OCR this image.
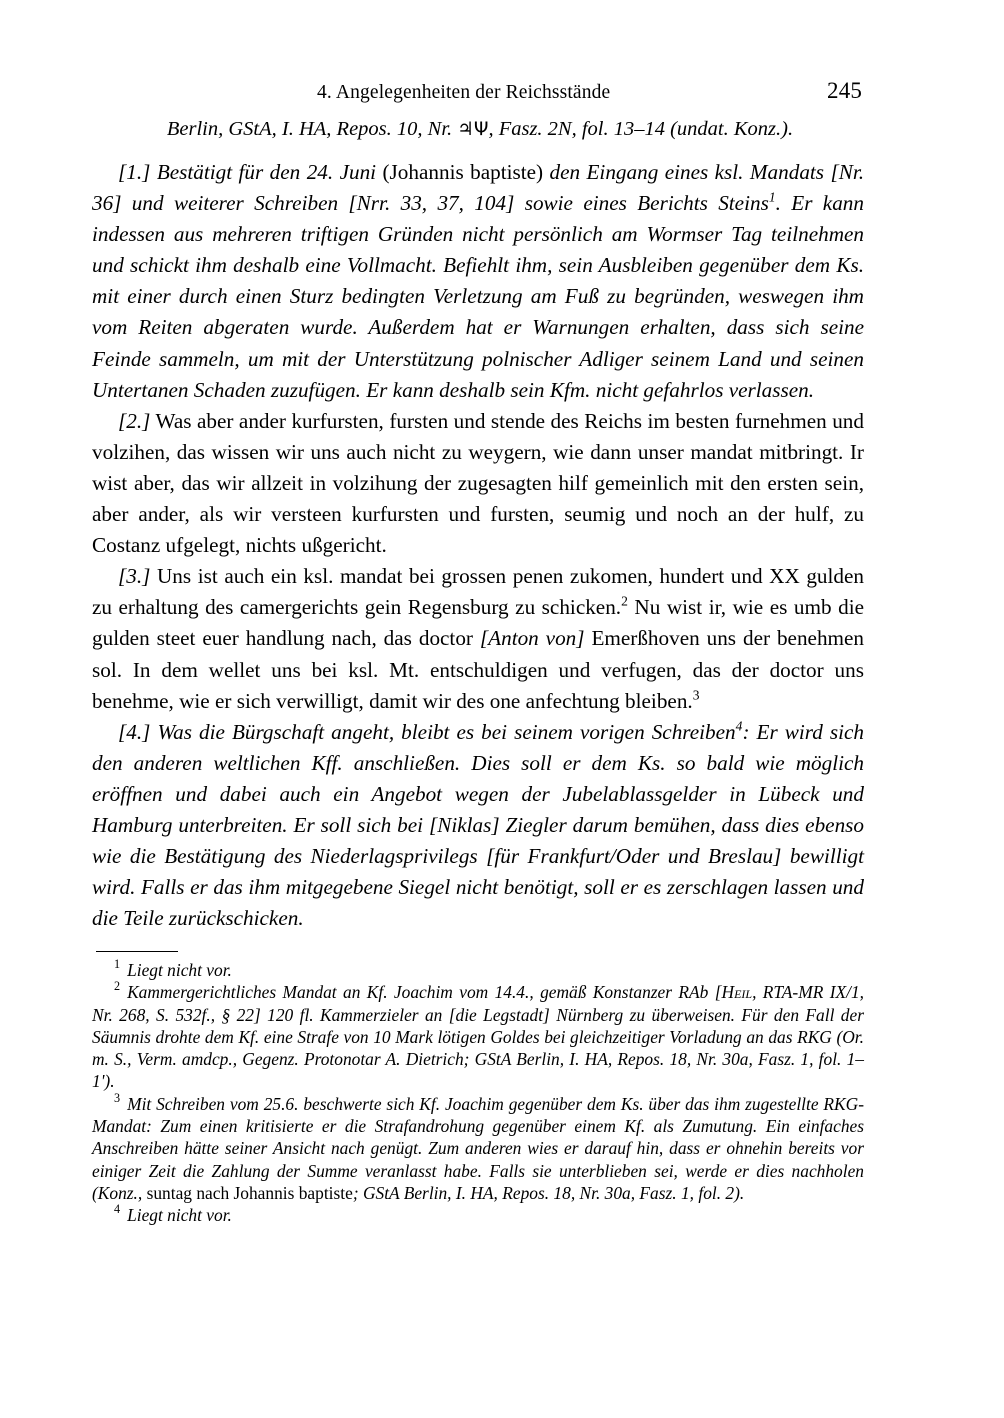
4. Angelegenheiten der Reichsstände	245
Berlin, GStA, I. HA, Repos. 10, Nr. ♃Ψ, Fasz. 2N, fol. 13–14 (undat. Konz.).

[1.] Bestätigt für den 24. Juni (Johannis baptiste) den Eingang eines ksl. Mandats [Nr. 36] und weiterer Schreiben [Nrr. 33, 37, 104] sowie eines Berichts Steins$^1$. Er kann indessen aus mehreren triftigen Gründen nicht persönlich am Wormser Tag teilnehmen und schickt ihm deshalb eine Vollmacht. Befiehlt ihm, sein Ausbleiben gegenüber dem Ks. mit einer durch einen Sturz bedingten Verletzung am Fuß zu begründen, weswegen ihm vom Reiten abgeraten wurde. Außerdem hat er Warnungen erhalten, dass sich seine Feinde sammeln, um mit der Unterstützung polnischer Adliger seinem Land und seinen Untertanen Schaden zuzufügen. Er kann deshalb sein Kfm. nicht gefahrlos verlassen.

[2.] Was aber ander kurfursten, fursten und stende des Reichs im besten furnehmen und volzihen, das wissen wir uns auch nicht zu weygern, wie dann unser mandat mitbringt. Ir wist aber, das wir allzeit in volzihung der zugesagten hilf gemeinlich mit den ersten sein, aber ander, als wir versteen kurfursten und fursten, seumig und noch an der hulf, zu Costanz ufgelegt, nichts ußgericht.

[3.] Uns ist auch ein ksl. mandat bei grossen penen zukomen, hundert und XX gulden zu erhaltung des camergerichts gein Regensburg zu schicken.$^2$ Nu wist ir, wie es umb die gulden steet euer handlung nach, das doctor [Anton von] Emerßhoven uns der benehmen sol. In dem wellet uns bei ksl. Mt. entschuldigen und verfugen, das der doctor uns benehme, wie er sich verwilligt, damit wir des one anfechtung bleiben.$^3$

[4.] Was die Bürgschaft angeht, bleibt es bei seinem vorigen Schreiben$^4$: Er wird sich den anderen weltlichen Kff. anschließen. Dies soll er dem Ks. so bald wie möglich eröffnen und dabei auch ein Angebot wegen der Jubelablassgelder in Lübeck und Hamburg unterbreiten. Er soll sich bei [Niklas] Ziegler darum bemühen, dass dies ebenso wie die Bestätigung des Niederlagsprivilegs [für Frankfurt/Oder und Breslau] bewilligt wird. Falls er das ihm mitgegebene Siegel nicht benötigt, soll er es zerschlagen lassen und die Teile zurückschicken.

$^1$ Liegt nicht vor.

$^2$ Kammergerichtliches Mandat an Kf. Joachim vom 14.4., gemäß Konstanzer RAb [Heil, RTA-MR IX/1, Nr. 268, S. 532f., § 22] 120 fl. Kammerzieler an [die Legstadt] Nürnberg zu überweisen. Für den Fall der Säumnis drohte dem Kf. eine Strafe von 10 Mark lötigen Goldes bei gleichzeitiger Vorladung an das RKG (Or. m. S., Verm. amdcp., Gegenz. Protonotar A. Dietrich; GStA Berlin, I. HA, Repos. 18, Nr. 30a, Fasz. 1, fol. 1–1').

$^3$ Mit Schreiben vom 25.6. beschwerte sich Kf. Joachim gegenüber dem Ks. über das ihm zugestellte RKG-Mandat: Zum einen kritisierte er die Strafandrohung gegenüber einem Kf. als Zumutung. Ein einfaches Anschreiben hätte seiner Ansicht nach genügt. Zum anderen wies er darauf hin, dass er ohnehin bereits vor einiger Zeit die Zahlung der Summe veranlasst habe. Falls sie unterblieben sei, werde er dies nachholen (Konz., suntag nach Johannis baptiste; GStA Berlin, I. HA, Repos. 18, Nr. 30a, Fasz. 1, fol. 2).

$^4$ Liegt nicht vor.
